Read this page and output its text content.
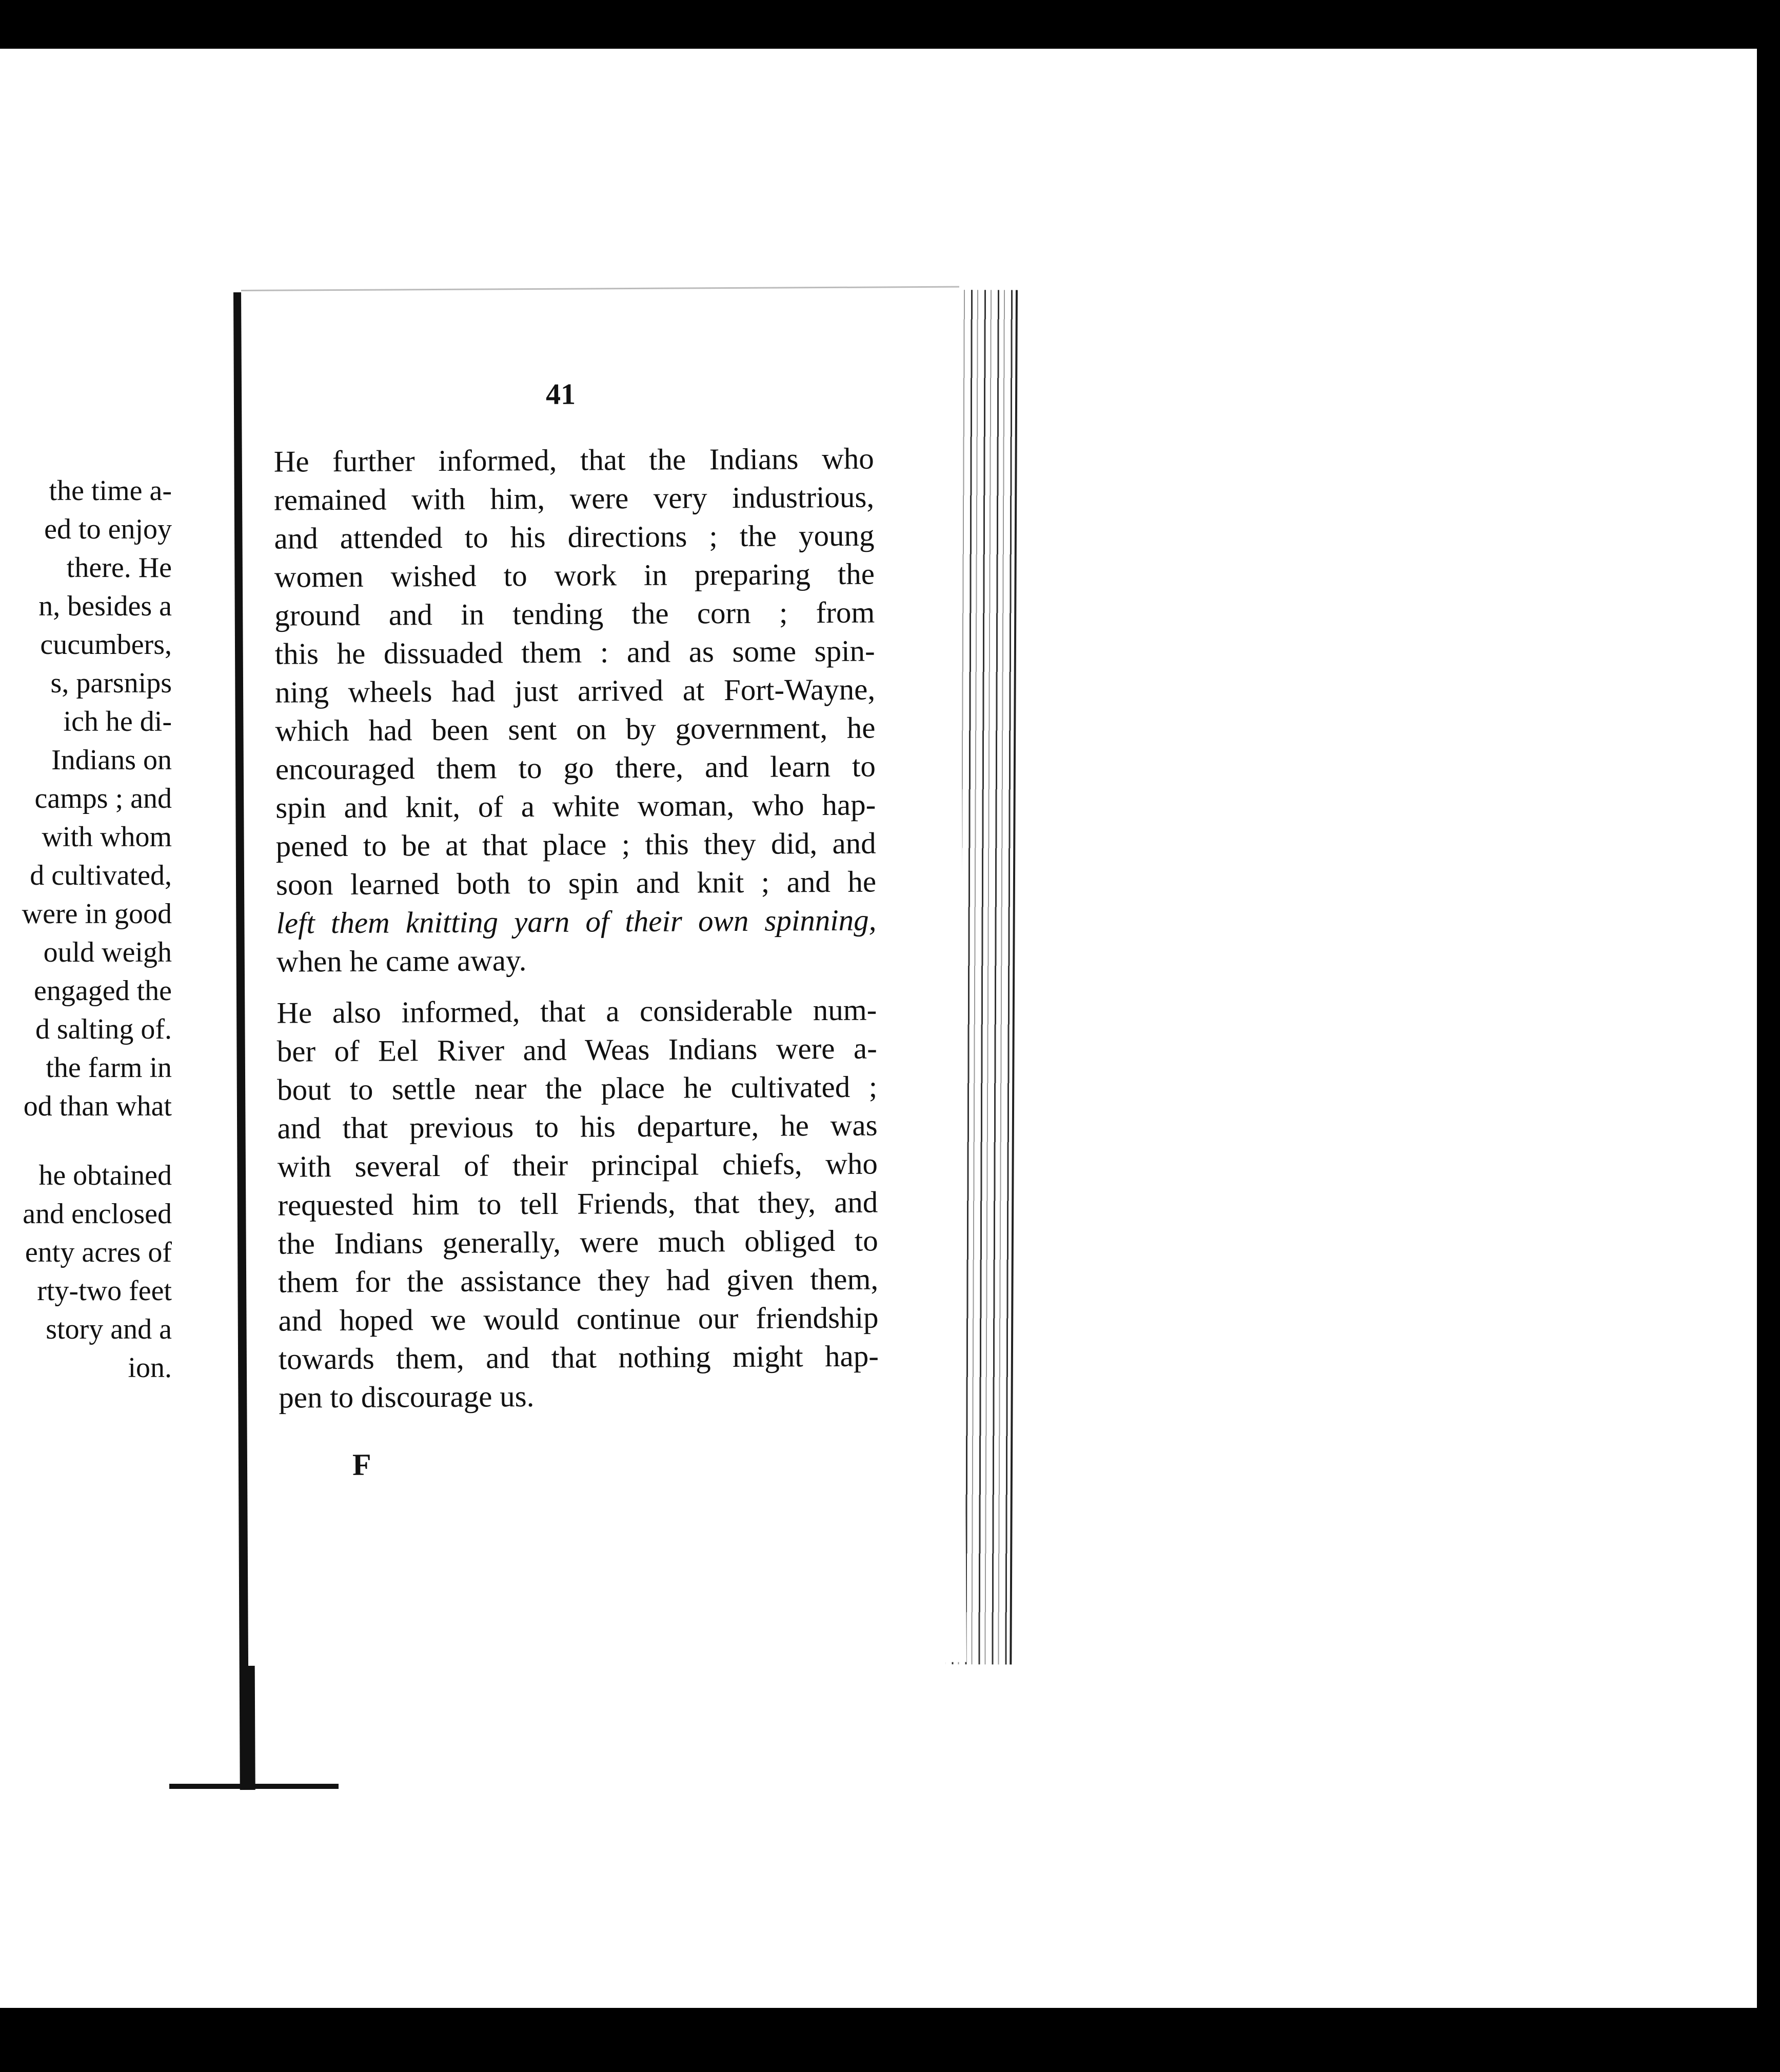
the time a-
ed to enjoy
there. He
n, besides a
cucumbers,
s, parsnips
ich he di-
Indians on
camps ; and
with whom
d cultivated,
were in good
ould weigh
engaged the
d salting of.
the farm in
od than what
he obtained
and enclosed
enty acres of
rty-two feet
story and a
ion.
41
He further informed, that the Indians who
remained with him, were very industrious,
and attended to his directions ; the young
women wished to work in preparing the
ground and in tending the corn ; from
this he dissuaded them : and as some spin-
ning wheels had just arrived at Fort-Wayne,
which had been sent on by government, he
encouraged them to go there, and learn to
spin and knit, of a white woman, who hap-
pened to be at that place ; this they did, and
soon learned both to spin and knit ; and he
left them knitting yarn of their own spinning,
when he came away.
He also informed, that a considerable num-
ber of Eel River and Weas Indians were a-
bout to settle near the place he cultivated ;
and that previous to his departure, he was
with several of their principal chiefs, who
requested him to tell Friends, that they, and
the Indians generally, were much obliged to
them for the assistance they had given them,
and hoped we would continue our friendship
towards them, and that nothing might hap-
pen to discourage us.
F
